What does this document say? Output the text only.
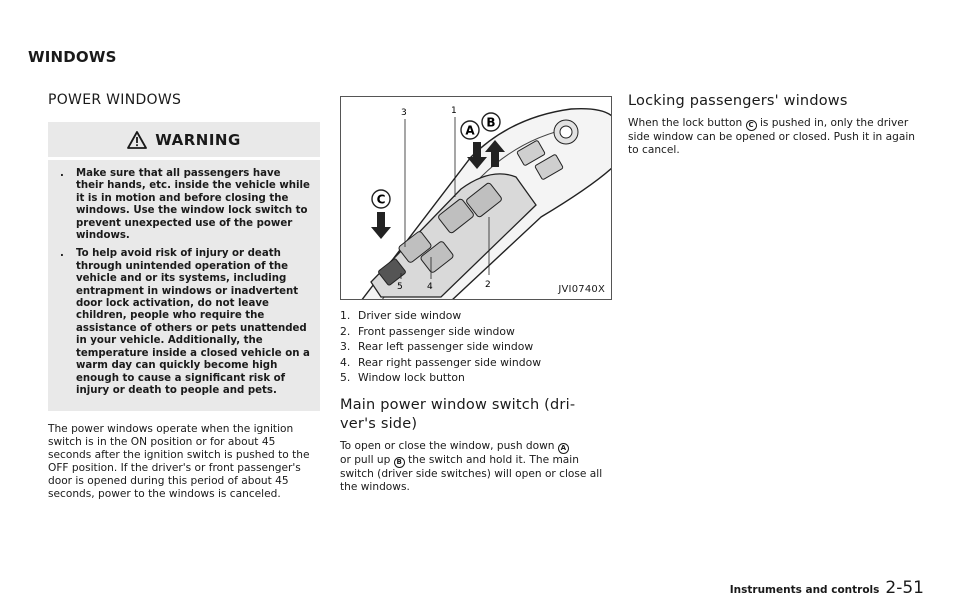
WINDOWS
POWER WINDOWS
WARNING
.	Make sure that all passengers have their hands, etc. inside the vehicle while it is in motion and before closing the windows. Use the window lock switch to prevent unexpected use of the power windows.
.	To help avoid risk of injury or death through unintended operation of the vehicle and or its systems, including entrapment in windows or inadvertent door lock activation, do not leave children, people who require the assistance of others or pets unattended in your vehicle. Additionally, the temperature inside a closed vehicle on a warm day can quickly become high enough to cause a significant risk of injury or death to people and pets.

The power windows operate when the ignition switch is in the ON position or for about 45 seconds after the ignition switch is pushed to the OFF position. If the driver's or front passenger's door is opened during this period of about 45 seconds, power to the windows is canceled.

A
B
C
3	1
5	4	2	JVI0740X
1. Driver side window
2. Front passenger side window
3. Rear left passenger side window
4. Rear right passenger side window
5. Window lock button
Main power window switch (dri-
ver's side)

To open or close the window, push down A
or pull up B the switch and hold it. The main switch (driver side switches) will open or close all the windows.

Locking passengers' windows

When the lock button C is pushed in, only the driver side window can be opened or closed. Push it in again to cancel.

Instruments and controls 2-51
